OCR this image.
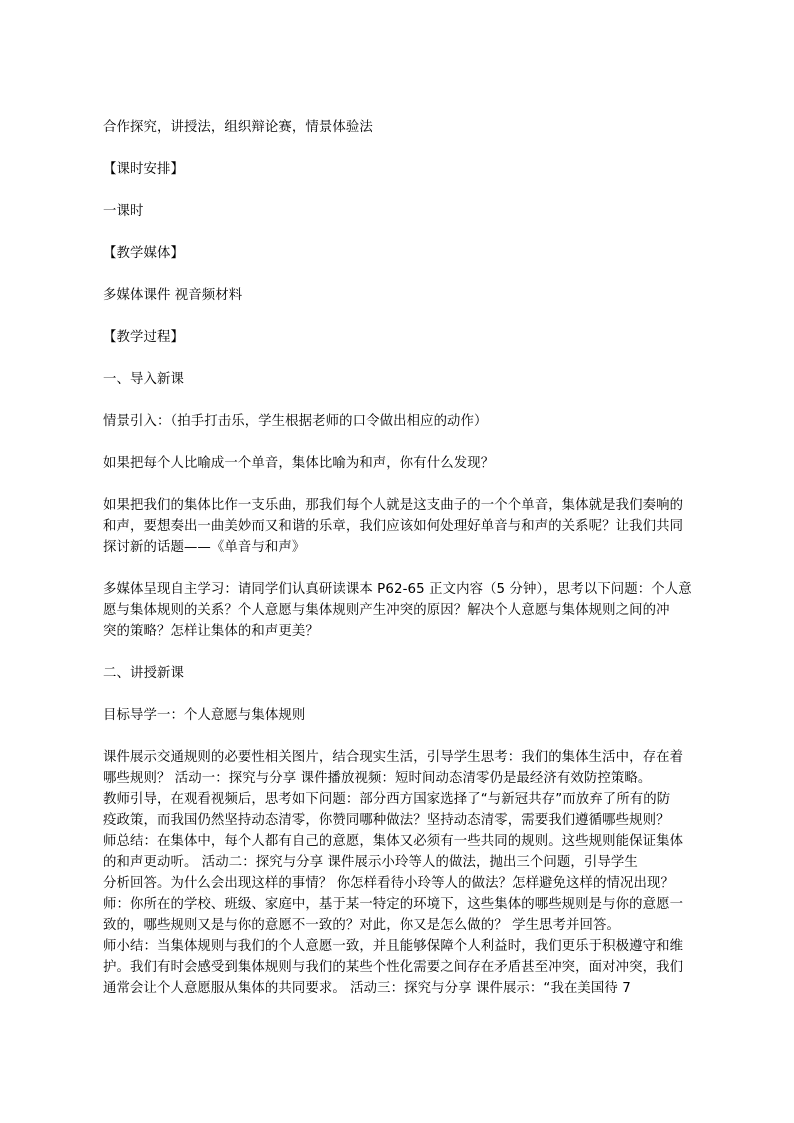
合作探究，讲授法，组织辩论赛，情景体验法

【课时安排】

一课时

【教学媒体】

多媒体课件 视音频材料

【教学过程】

一、导入新课

情景引入：（拍手打击乐，学生根据老师的口令做出相应的动作）

如果把每个人比喻成一个单音，集体比喻为和声，你有什么发现？

如果把我们的集体比作一支乐曲，那我们每个人就是这支曲子的一个个单音，集体就是我们奏响的
和声，要想奏出一曲美妙而又和谐的乐章，我们应该如何处理好单音与和声的关系呢？让我们共同
探讨新的话题——《单音与和声》
多媒体呈现自主学习：请同学们认真研读课本 P62-65 正文内容（5 分钟），思考以下问题：个人意
愿与集体规则的关系？个人意愿与集体规则产生冲突的原因？解决个人意愿与集体规则之间的冲
突的策略？怎样让集体的和声更美？

二、讲授新课

目标导学一：个人意愿与集体规则

课件展示交通规则的必要性相关图片，结合现实生活，引导学生思考：我们的集体生活中，存在着
哪些规则？ 活动一：探究与分享 课件播放视频：短时间动态清零仍是最经济有效防控策略。
教师引导，在观看视频后，思考如下问题：部分西方国家选择了“与新冠共存”而放弃了所有的防
疫政策，而我国仍然坚持动态清零，你赞同哪种做法？坚持动态清零，需要我们遵循哪些规则？
师总结：在集体中，每个人都有自己的意愿，集体又必须有一些共同的规则。这些规则能保证集体
的和声更动听。 活动二：探究与分享 课件展示小玲等人的做法，抛出三个问题，引导学生
分析回答。为什么会出现这样的事情？ 你怎样看待小玲等人的做法？怎样避免这样的情况出现？
师：你所在的学校、班级、家庭中，基于某一特定的环境下，这些集体的哪些规则是与你的意愿一
致的，哪些规则又是与你的意愿不一致的？对此，你又是怎么做的？ 学生思考并回答。
师小结：当集体规则与我们的个人意愿一致，并且能够保障个人利益时，我们更乐于积极遵守和维
护。我们有时会感受到集体规则与我们的某些个性化需要之间存在矛盾甚至冲突，面对冲突，我们
通常会让个人意愿服从集体的共同要求。 活动三：探究与分享 课件展示：“我在美国待 7
